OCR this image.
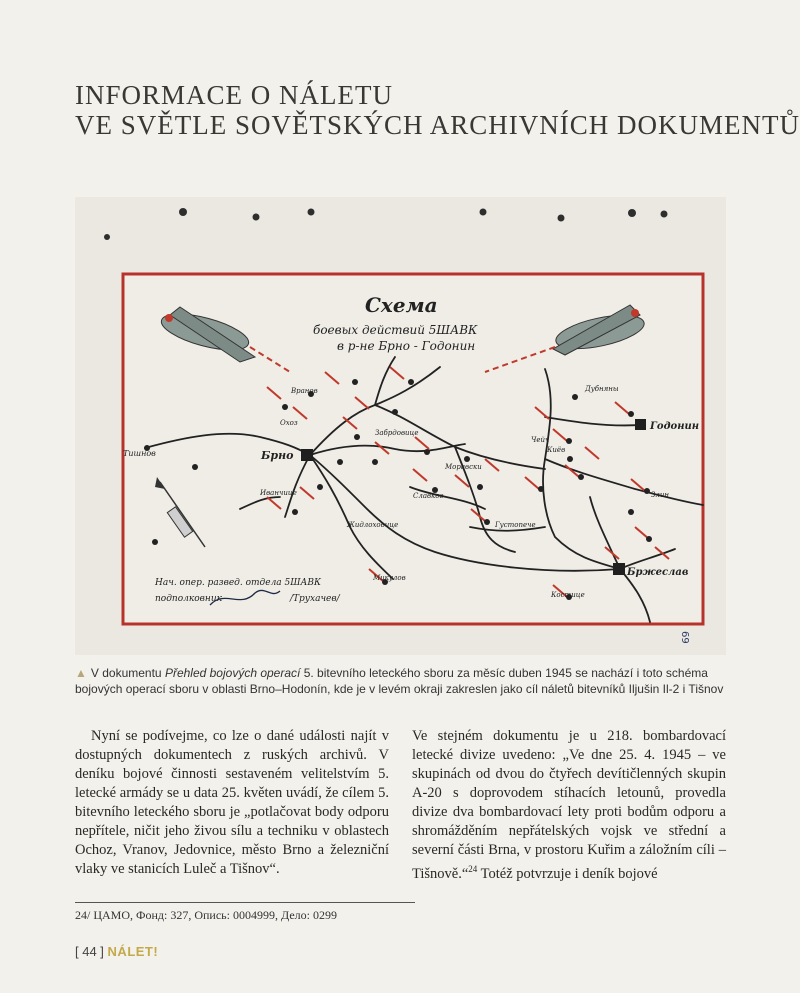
INFORMACE O NÁLETU
VE SVĚTLE SOVĚTSKÝCH ARCHIVNÍCH DOKUMENTŮ
Схема
боевых действий 5ШАВК
в р-не Брно - Годонин
Брно
Годонин
Бржеслав
Тишнов
Охоз
Вранов
Славков
Дубняны
Киёв
Жидлоховице	Густопече
Моравски
Забрдовице
Иванчице
Микулов
Костице
Злин
Чейч
Нач. опер. развед. отдела 5ШАВК
подполковник	/Трухачев/
69
▲ V dokumentu Přehled bojových operací 5. bitevního leteckého sboru za měsíc duben 1945 se nachází i toto schéma bojových operací sboru v oblasti Brno–Hodonín, kde je v levém okraji zakreslen jako cíl náletů bitevníků Iljušin Il-2 i Tišnov

Nyní se podívejme, co lze o dané události najít v dostupných dokumentech z ruských archivů. V deníku bojové činnosti sestaveném velitelstvím 5. letecké armády se u data 25. květen uvádí, že cílem 5. bitevního leteckého sboru je „potlačovat body odporu nepřítele, ničit jeho živou sílu a techniku v oblastech Ochoz, Vranov, Jedovnice, město Brno a železniční vlaky ve stanicích Luleč a Tišnov“.

Ve stejném dokumentu je u 218. bombardovací letecké divize uvedeno: „Ve dne 25. 4. 1945 – ve skupinách od dvou do čtyřech devítičlenných skupin A-20 s doprovodem stíhacích letounů, provedla divize dva bombardovací lety proti bodům odporu a shromážděním nepřátelských vojsk ve střední a severní části Brna, v prostoru Kuřim a záložním cíli – Tišnově.“$^{24}$ Totéž potvrzuje i deník bojové

24/ ЦАМО, Фонд: 327, Опись: 0004999, Дело: 0299
[ 44 ] NÁLET!
